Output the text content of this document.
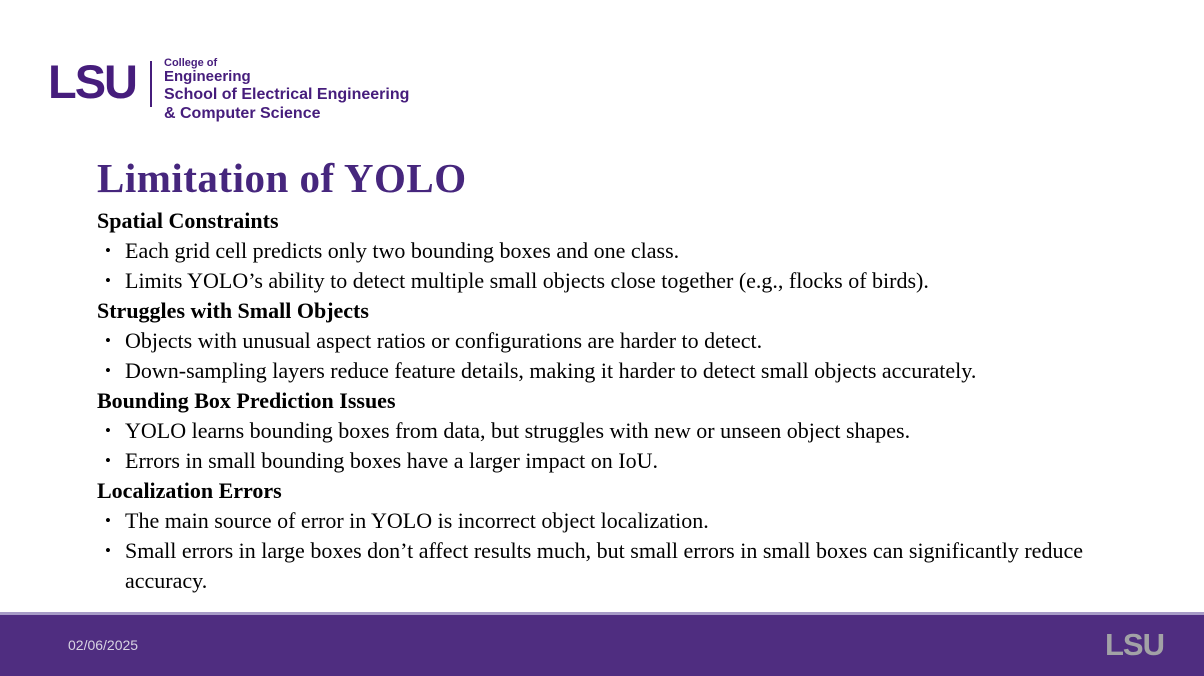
LSU	College of
Engineering
School of Electrical Engineering
& Computer Science
Limitation of YOLO
Spatial Constraints
• Each grid cell predicts only two bounding boxes and one class.
• Limits YOLO’s ability to detect multiple small objects close together (e.g., flocks of birds).
Struggles with Small Objects
• Objects with unusual aspect ratios or configurations are harder to detect.
• Down-sampling layers reduce feature details, making it harder to detect small objects accurately.
Bounding Box Prediction Issues
• YOLO learns bounding boxes from data, but struggles with new or unseen object shapes.
• Errors in small bounding boxes have a larger impact on IoU.
Localization Errors
• The main source of error in YOLO is incorrect object localization.
• Small errors in large boxes don’t affect results much, but small errors in small boxes can significantly reduce accuracy.
02/06/2025	LSU
